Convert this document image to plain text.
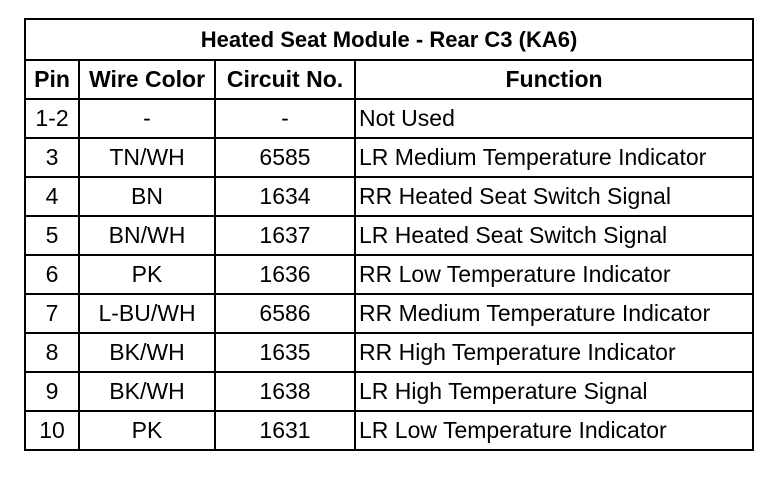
Heated Seat Module - Rear C3 (KA6)			
Pin	Wire Color	Circuit No.	Function
1-2	-	-	Not Used
3	TN/WH	6585	LR Medium Temperature Indicator
4	BN	1634	RR Heated Seat Switch Signal
5	BN/WH	1637	LR Heated Seat Switch Signal
6	PK	1636	RR Low Temperature Indicator
7	L-BU/WH	6586	RR Medium Temperature Indicator
8	BK/WH	1635	RR High Temperature Indicator
9	BK/WH	1638	LR High Temperature Signal
10	PK	1631	LR Low Temperature Indicator
